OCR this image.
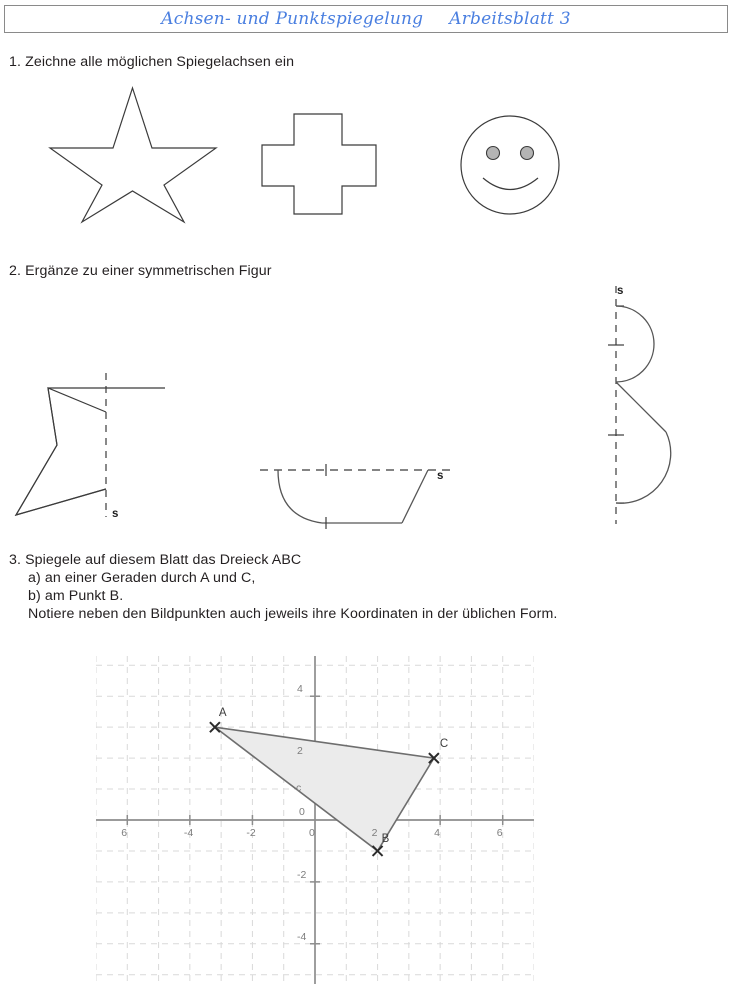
Achsen- und Punktspiegelung Arbeitsblatt 3
1. Zeichne alle möglichen Spiegelachsen ein
2. Ergänze zu einer symmetrischen Figur
s
s
s
3. Spiegele auf diesem Blatt das Dreieck ABC
a) an einer Geraden durch A und C,
b) am Punkt B.
Notiere neben den Bildpunkten auch jeweils ihre Koordinaten in der üblichen Form.
6	-4	-2	0	2	4	6
4
2
0
-2
-4
c
A
B
C
